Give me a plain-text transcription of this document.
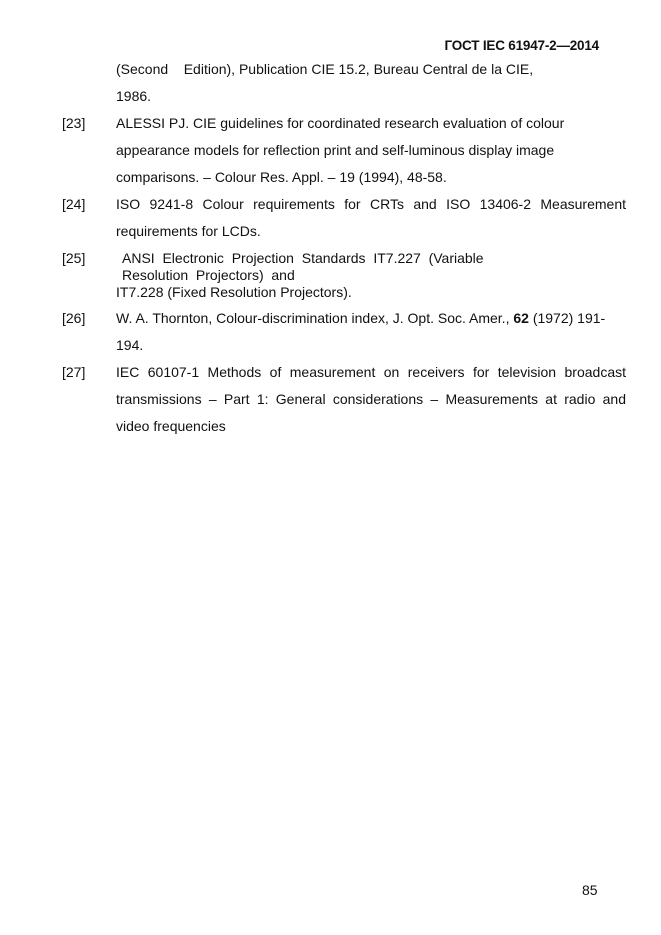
ГОСТ IEC 61947-2—2014
(Second    Edition), Publication CIE 15.2, Bureau Central de la CIE,
1986.
[23]	ALESSI PJ. CIE guidelines for coordinated research evaluation of colour appearance models for reflection print and self-luminous display image comparisons. – Colour Res. Appl. – 19 (1994), 48-58.
[24]	ISO 9241-8 Colour requirements for CRTs and ISO 13406-2 Measurement requirements for LCDs.
[25]	ANSI  Electronic  Projection  Standards  IT7.227  (Variable
Resolution  Projectors)  and
IT7.228 (Fixed Resolution Projectors).
[26]	W. A. Thornton, Colour-discrimination index, J. Opt. Soc. Amer., 62 (1972) 191-194.
[27]	IEC 60107-1 Methods of measurement on receivers for television broadcast transmissions – Part 1: General considerations – Measurements at radio and video frequencies
85
